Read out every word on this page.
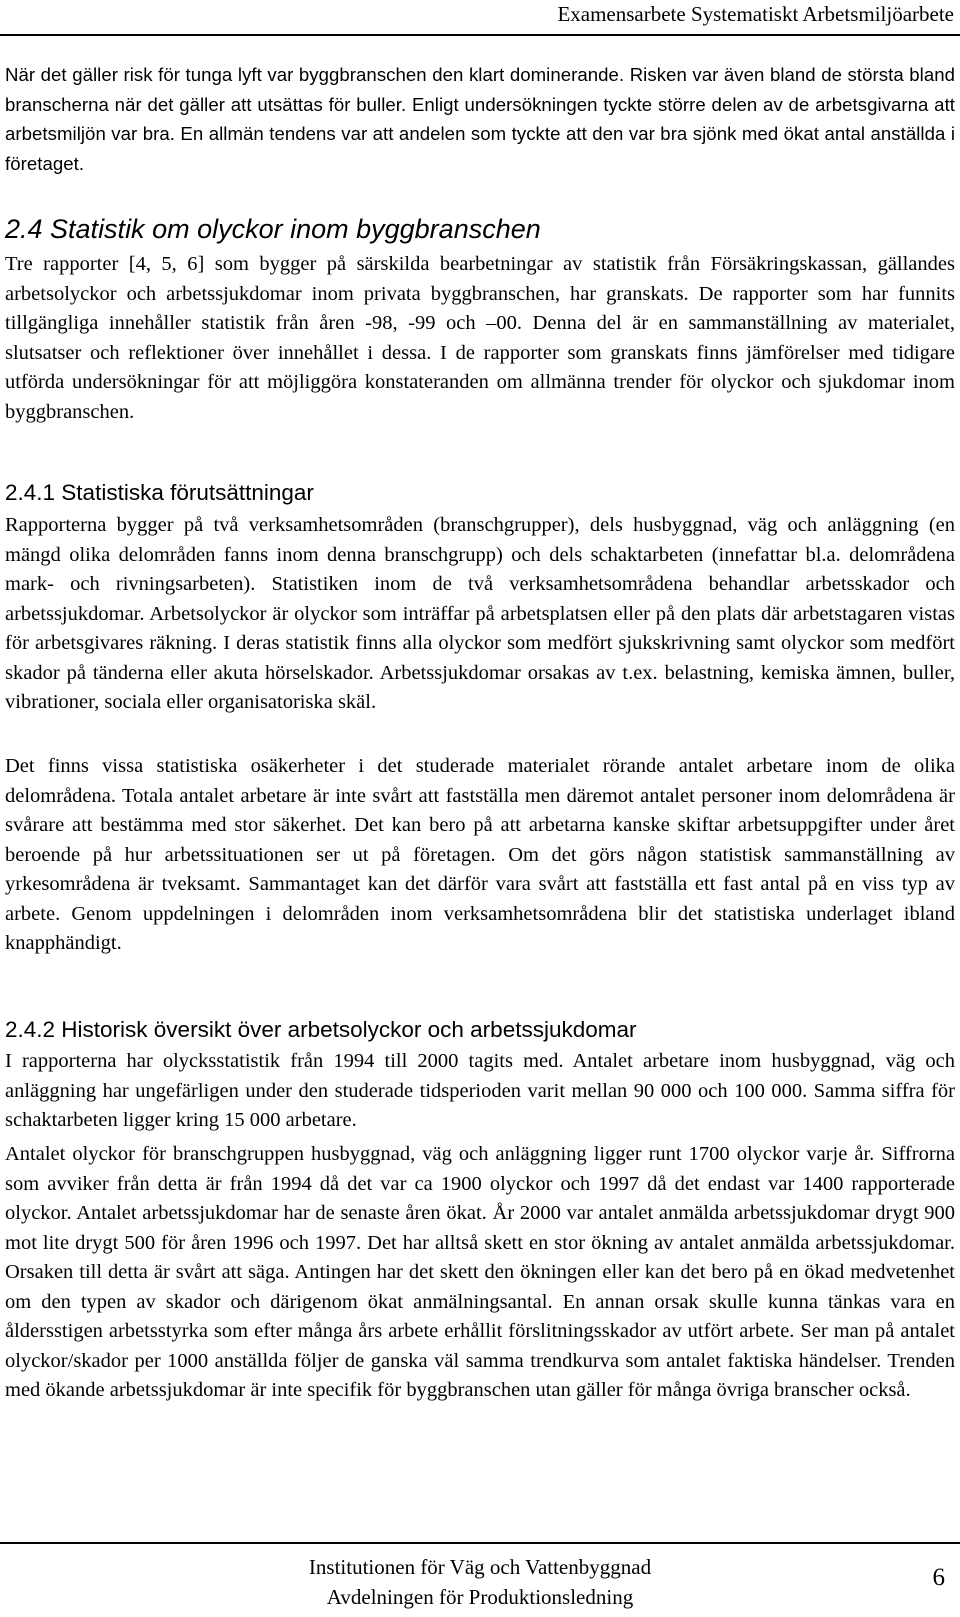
Examensarbete Systematiskt Arbetsmiljöarbete

När det gäller risk för tunga lyft var byggbranschen den klart dominerande. Risken var även bland de största bland branscherna när det gäller att utsättas för buller. Enligt undersökningen tyckte större delen av de arbetsgivarna att arbetsmiljön var bra. En allmän tendens var att andelen som tyckte att den var bra sjönk med ökat antal anställda i företaget.

2.4 Statistik om olyckor inom byggbranschen

Tre rapporter [4, 5, 6] som bygger på särskilda bearbetningar av statistik från Försäkringskassan, gällandes arbetsolyckor och arbetssjukdomar inom privata byggbranschen, har granskats. De rapporter som har funnits tillgängliga innehåller statistik från åren -98, -99 och –00. Denna del är en sammanställning av materialet, slutsatser och reflektioner över innehållet i dessa. I de rapporter som granskats finns jämförelser med tidigare utförda undersökningar för att möjliggöra konstateranden om allmänna trender för olyckor och sjukdomar inom byggbranschen.

2.4.1 Statistiska förutsättningar

Rapporterna bygger på två verksamhetsområden (branschgrupper), dels husbyggnad, väg och anläggning (en mängd olika delområden fanns inom denna branschgrupp) och dels schaktarbeten (innefattar bl.a. delområdena mark- och rivningsarbeten). Statistiken inom de två verksamhetsområdena behandlar arbetsskador och arbetssjukdomar. Arbetsolyckor är olyckor som inträffar på arbetsplatsen eller på den plats där arbetstagaren vistas för arbetsgivares räkning. I deras statistik finns alla olyckor som medfört sjukskrivning samt olyckor som medfört skador på tänderna eller akuta hörselskador. Arbetssjukdomar orsakas av t.ex. belastning, kemiska ämnen, buller, vibrationer, sociala eller organisatoriska skäl.

Det finns vissa statistiska osäkerheter i det studerade materialet rörande antalet arbetare inom de olika delområdena. Totala antalet arbetare är inte svårt att fastställa men däremot antalet personer inom delområdena är svårare att bestämma med stor säkerhet. Det kan bero på att arbetarna kanske skiftar arbetsuppgifter under året beroende på hur arbetssituationen ser ut på företagen. Om det görs någon statistisk sammanställning av yrkesområdena är tveksamt. Sammantaget kan det därför vara svårt att fastställa ett fast antal på en viss typ av arbete. Genom uppdelningen i delområden inom verksamhetsområdena blir det statistiska underlaget ibland knapphändigt.

2.4.2 Historisk översikt över arbetsolyckor och arbetssjukdomar

I rapporterna har olycksstatistik från 1994 till 2000 tagits med. Antalet arbetare inom husbyggnad, väg och anläggning har ungefärligen under den studerade tidsperioden varit mellan 90 000 och 100 000. Samma siffra för schaktarbeten ligger kring 15 000 arbetare.

Antalet olyckor för branschgruppen husbyggnad, väg och anläggning ligger runt 1700 olyckor varje år. Siffrorna som avviker från detta är från 1994 då det var ca 1900 olyckor och 1997 då det endast var 1400 rapporterade olyckor. Antalet arbetssjukdomar har de senaste åren ökat. År 2000 var antalet anmälda arbetssjukdomar drygt 900 mot lite drygt 500 för åren 1996 och 1997. Det har alltså skett en stor ökning av antalet anmälda arbetssjukdomar. Orsaken till detta är svårt att säga. Antingen har det skett den ökningen eller kan det bero på en ökad medvetenhet om den typen av skador och därigenom ökat anmälningsantal. En annan orsak skulle kunna tänkas vara en åldersstigen arbetsstyrka som efter många års arbete erhållit förslitningsskador av utfört arbete. Ser man på antalet olyckor/skador per 1000 anställda följer de ganska väl samma trendkurva som antalet faktiska händelser. Trenden med ökande arbetssjukdomar är inte specifik för byggbranschen utan gäller för många övriga branscher också.

Institutionen för Väg och Vattenbyggnad
Avdelningen för Produktionsledning
6
